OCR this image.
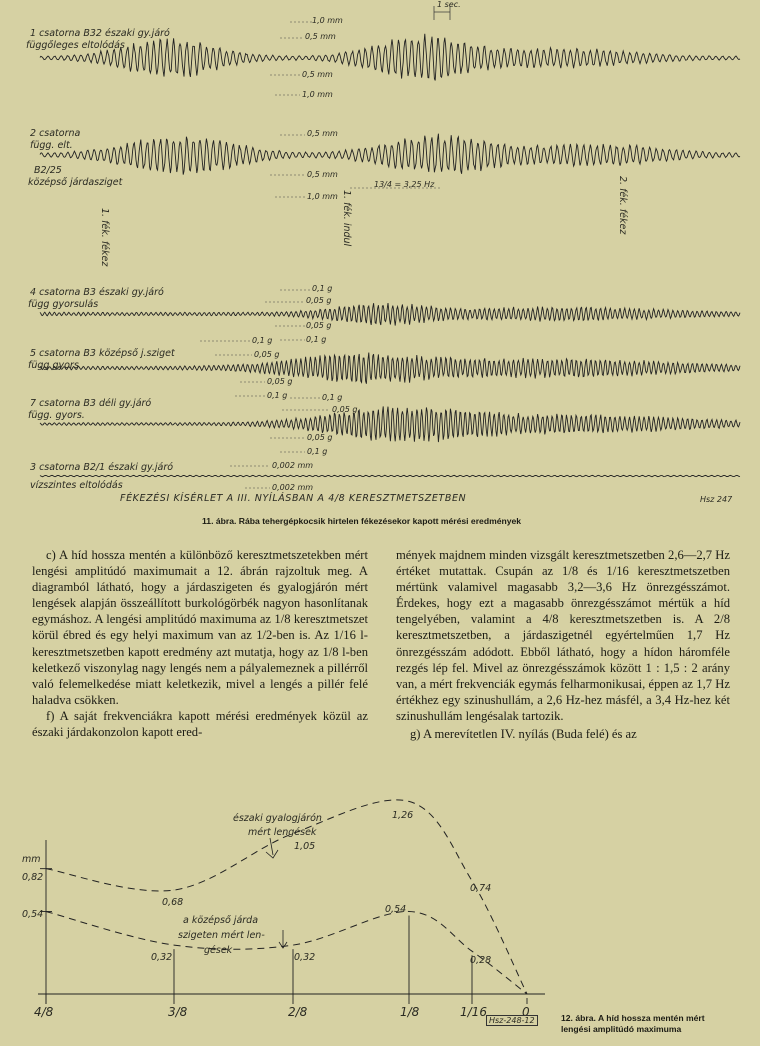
1 sec.
1 csatorna B32 északi gy.járó
függőleges eltolódás
1,0 mm
0,5 mm
0,5 mm
1,0 mm
2 csatorna
függ. elt.
B2/25
középső járdasziget
0,5 mm
0,5 mm
1,0 mm
1. fék. fékez	1. fék. indul	2. fék. fékez
13/4 = 3,25 Hz
4 csatorna B3 északi gy.járó
függ gyorsulás
0,1 g
0,05 g
0,05 g
0,1 g
5 csatorna B3 középső j.sziget
függ gyors
0,1 g
0,05 g
0,05 g
0,1 g
7 csatorna B3 déli gy.járó
függ. gyors.
0,1 g
0,05 g
0,05 g
0,1 g
3 csatorna B2/1 északi gy.járó
vízszintes eltolódás
0,002 mm
0,002 mm
FÉKEZÉSI KÍSÉRLET A III. NYÍLÁSBAN A 4/8 KERESZTMETSZETBEN	Hsz 247
11. ábra. Rába tehergépkocsik hirtelen fékezésekor kapott mérési eredmények

c) A híd hossza mentén a különböző keresztmetszetekben mért lengési amplitúdó maximumait a 12. ábrán rajzoltuk meg. A diagramból látható, hogy a járdaszigeten és gyalogjárón mért lengések alapján összeállított burkológörbék nagyon hasonlítanak egymáshoz. A lengési amplitúdó maximuma az 1/8 keresztmetszet körül ébred és egy helyi maximum van az 1/2-ben is. Az 1/16 l-keresztmetszetben kapott eredmény azt mutatja, hogy az 1/8 l-ben keletkező viszonylag nagy lengés nem a pályalemeznek a pillérről való felemelkedése miatt keletkezik, mivel a lengés a pillér felé haladva csökken.

f) A saját frekvenciákra kapott mérési eredmények közül az északi járdakonzolon kapott ered-

mények majdnem minden vizsgált keresztmetszetben 2,6—2,7 Hz értéket mutattak. Csupán az 1/8 és 1/16 keresztmetszetben mértünk valamivel magasabb 3,2—3,6 Hz önrezgésszámot. Érdekes, hogy ezt a magasabb önrezgésszámot mértük a híd tengelyében, valamint a 4/8 keresztmetszetben is. A 2/8 keresztmetszetben, a járdaszigetnél egyértelműen 1,7 Hz önrezgésszám adódott. Ebből látható, hogy a hídon háromféle rezgés lép fel. Mivel az önrezgésszámok között 1 : 1,5 : 2 arány van, a mért frekvenciák egymás felharmonikusai, éppen az 1,7 Hz értékhez egy szinushullám, a 2,6 Hz-hez másfél, a 3,4 Hz-hez két szinushullám lengésalak tartozik.

g) A merevítetlen IV. nyílás (Buda felé) és az

mm
0,82
0,54
északi gyalogjárón
mért lengések
a középső járda
szigeten mért len-
gések
0,68
1,05
1,26
0,74
0,32	0,32
0,54
0,28
4/8	3/8	2/8	1/8	1/16	0
Hsz-248-12	12. ábra. A híd hossza mentén mért
lengési amplitúdó maximuma
